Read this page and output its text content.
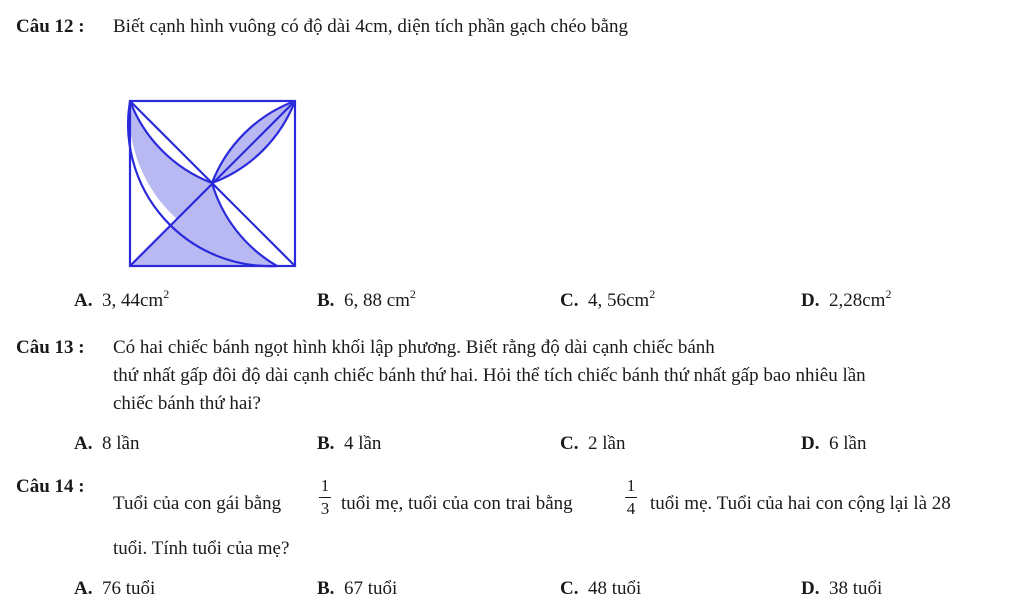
Câu 12 : Biết cạnh hình vuông có độ dài 4cm, diện tích phần gạch chéo bằng
A. 3, $44cm^2$	B. 6, 88 $cm^2$	C. 4, $56cm^2$	D. $2,28cm^2$
Câu 13 : Có hai chiếc bánh ngọt hình khối lập phương. Biết rằng độ dài cạnh chiếc bánh
thứ nhất gấp đôi độ dài cạnh chiếc bánh thứ hai. Hỏi thể tích chiếc bánh thứ nhất gấp bao nhiêu lần
chiếc bánh thứ hai?
A. 8 lần	B. 4 lần	C. 2 lần	D. 6 lần
Câu 14 :
Tuổi của con gái bằng
1
3 tuổi mẹ, tuổi của con trai bằng
1
4 tuổi mẹ. Tuổi của hai con cộng lại là 28
tuổi. Tính tuổi của mẹ?
A. 76 tuổi	B. 67 tuổi	C. 48 tuổi	D. 38 tuổi
